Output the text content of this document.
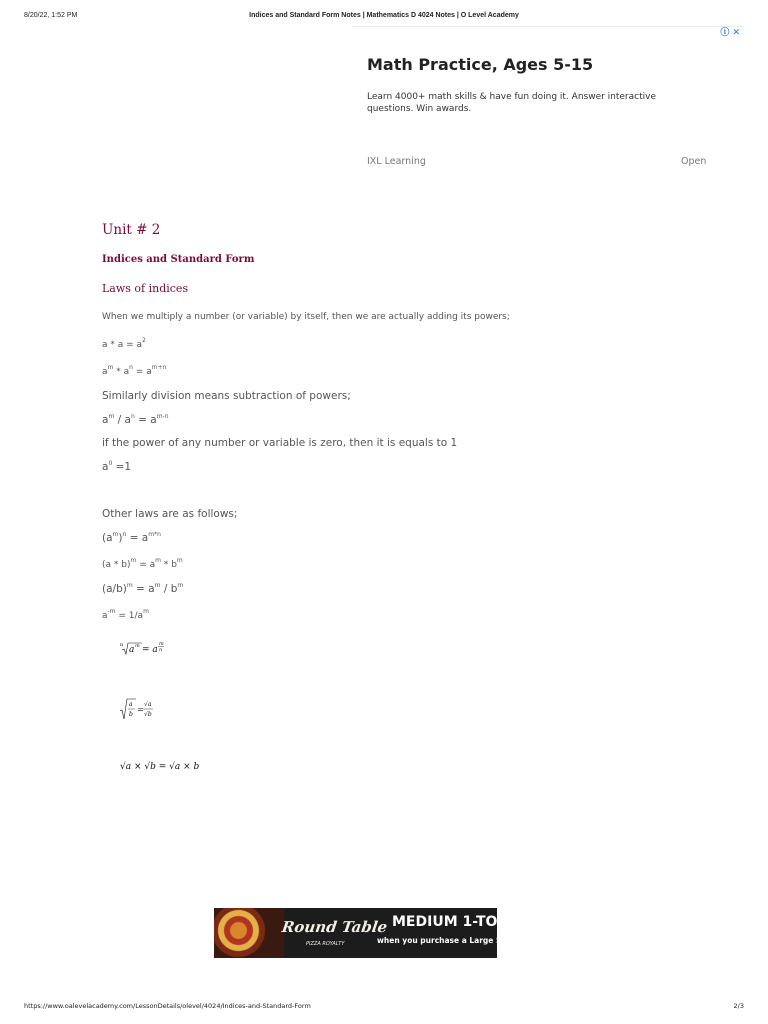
8/20/22, 1:52 PM	Indices and Standard Form Notes | Mathematics D 4024 Notes | O Level Academy
ⓘ ✕
Math Practice, Ages 5-15
Learn 4000+ math skills & have fun doing it. Answer interactive questions. Win awards.
IXL Learning	Open
Unit # 2
Indices and Standard Form
Laws of indices
When we multiply a number (or variable) by itself, then we are actually adding its powers;
$a * a = a^2$
$a^m * a^n = a^{m+n}$
Similarly division means subtraction of powers;
$a^m / a^n = a^{m-n}$
if the power of any number or variable is zero, then it is equals to 1
$a^0 =1$
Other laws are as follows;
$(a^m)^n = a^{m*n}$
$(a * b)^m = a^m * b^m$
$(a/b)^m = a^m / b^m$
$a^{-m} = 1/a^m$
n a m = a
m
n
a
b
=
√a
√b
√a × √b = √a × b
Round Table
PIZZA ROYALTY
MEDIUM 1-TO
when you purchase a Large Sp
https://www.oalevelacademy.com/LessonDetails/olevel/4024/Indices-and-Standard-Form	2/3
